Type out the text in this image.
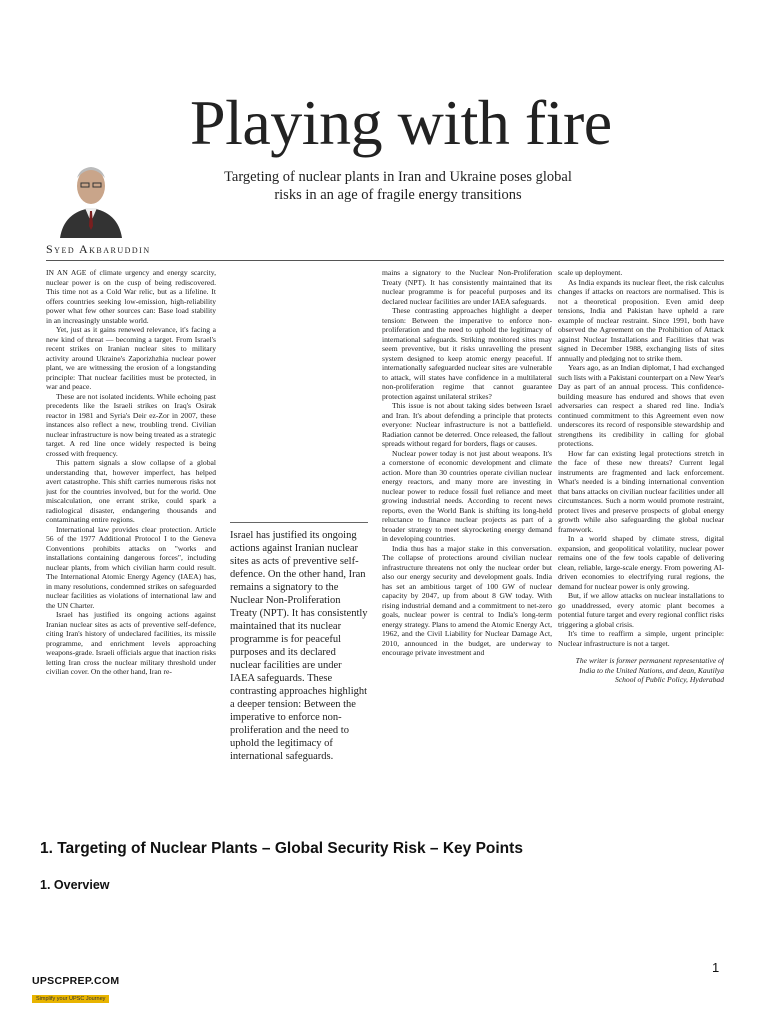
Playing with fire
Targeting of nuclear plants in Iran and Ukraine poses global risks in an age of fragile energy transitions
Syed Akbaruddin

IN AN AGE of climate urgency and energy scarcity, nuclear power is on the cusp of being rediscovered. This time not as a Cold War relic, but as a lifeline. It offers countries seeking low-emission, high-reliability power what few other sources can: Base load stability in an increasingly unstable world.

Yet, just as it gains renewed relevance, it's facing a new kind of threat — becoming a target. From Israel's recent strikes on Iranian nuclear sites to military activity around Ukraine's Zaporizhzhia nuclear power plant, we are witnessing the erosion of a longstanding principle: That nuclear facilities must be protected, in war and peace.

These are not isolated incidents. While echoing past precedents like the Israeli strikes on Iraq's Osirak reactor in 1981 and Syria's Deir ez-Zor in 2007, these instances also reflect a new, troubling trend. Civilian nuclear infrastructure is now being treated as a strategic target. A red line once widely respected is being crossed with frequency.

This pattern signals a slow collapse of a global understanding that, however imperfect, has helped avert catastrophe. This shift carries numerous risks not just for the countries involved, but for the world. One miscalculation, one errant strike, could spark a radiological disaster, endangering thousands and contaminating entire regions.

International law provides clear protection. Article 56 of the 1977 Additional Protocol I to the Geneva Conventions prohibits attacks on "works and installations containing dangerous forces", including nuclear plants, from which civilian harm could result. The International Atomic Energy Agency (IAEA) has, in many resolutions, condemned strikes on safeguarded nuclear facilities as violations of international law and the UN Charter.

Israel has justified its ongoing actions against Iranian nuclear sites as acts of preventive self-defence, citing Iran's history of undeclared facilities, its missile programme, and enrichment levels approaching weapons-grade. Israeli officials argue that inaction risks letting Iran cross the nuclear military threshold under civilian cover. On the other hand, Iran re-

Israel has justified its ongoing actions against Iranian nuclear sites as acts of preventive self-defence. On the other hand, Iran remains a signatory to the Nuclear Non-Proliferation Treaty (NPT). It has consistently maintained that its nuclear programme is for peaceful purposes and its declared nuclear facilities are under IAEA safeguards. These contrasting approaches highlight a deeper tension: Between the imperative to enforce non-proliferation and the need to uphold the legitimacy of international safeguards.

mains a signatory to the Nuclear Non-Proliferation Treaty (NPT). It has consistently maintained that its nuclear programme is for peaceful purposes and its declared nuclear facilities are under IAEA safeguards.

These contrasting approaches highlight a deeper tension: Between the imperative to enforce non-proliferation and the need to uphold the legitimacy of international safeguards. Striking monitored sites may seem preventive, but it risks unravelling the present system designed to keep atomic energy peaceful. If internationally safeguarded nuclear sites are vulnerable to attack, will states have confidence in a multilateral non-proliferation regime that cannot guarantee protection against unilateral strikes?

This issue is not about taking sides between Israel and Iran. It's about defending a principle that protects everyone: Nuclear infrastructure is not a battlefield. Radiation cannot be deterred. Once released, the fallout spreads without regard for borders, flags or causes.

Nuclear power today is not just about weapons. It's a cornerstone of economic development and climate action. More than 30 countries operate civilian nuclear energy reactors, and many more are investing in nuclear power to reduce fossil fuel reliance and meet growing industrial needs. According to recent news reports, even the World Bank is shifting its long-held reluctance to finance nuclear projects as part of a broader strategy to meet skyrocketing energy demand in developing countries.

India thus has a major stake in this conversation. The collapse of protections around civilian nuclear infrastructure threatens not only the nuclear order but also our energy security and development goals. India has set an ambitious target of 100 GW of nuclear capacity by 2047, up from about 8 GW today. With rising industrial demand and a commitment to net-zero goals, nuclear power is central to India's long-term energy strategy. Plans to amend the Atomic Energy Act, 1962, and the Civil Liability for Nuclear Damage Act, 2010, announced in the budget, are underway to encourage private investment and

scale up deployment.

As India expands its nuclear fleet, the risk calculus changes if attacks on reactors are normalised. This is not a theoretical proposition. Even amid deep tensions, India and Pakistan have upheld a rare example of nuclear restraint. Since 1991, both have observed the Agreement on the Prohibition of Attack against Nuclear Installations and Facilities that was signed in December 1988, exchanging lists of sites annually and pledging not to strike them.

Years ago, as an Indian diplomat, I had exchanged such lists with a Pakistani counterpart on a New Year's Day as part of an annual process. This confidence-building measure has endured and shows that even adversaries can respect a shared red line. India's continued commitment to this Agreement even now underscores its record of responsible stewardship and strengthens its credibility in calling for global protections.

How far can existing legal protections stretch in the face of these new threats? Current legal instruments are fragmented and lack enforcement. What's needed is a binding international convention that bans attacks on civilian nuclear facilities under all circumstances. Such a norm would promote restraint, protect lives and preserve prospects of global energy growth while also safeguarding the global nuclear framework.

In a world shaped by climate stress, digital expansion, and geopolitical volatility, nuclear power remains one of the few tools capable of delivering clean, reliable, large-scale energy. From powering AI-driven economies to electrifying rural regions, the demand for nuclear power is only growing.

But, if we allow attacks on nuclear installations to go unaddressed, every atomic plant becomes a potential future target and every regional conflict risks triggering a global crisis.

It's time to reaffirm a simple, urgent principle: Nuclear infrastructure is not a target.

The writer is former permanent representative of India to the United Nations, and dean, Kautilya School of Public Policy, Hyderabad

1. Targeting of Nuclear Plants – Global Security Risk – Key Points
1. Overview
1
UPSCPREP.COM
Simplify your UPSC Journey
